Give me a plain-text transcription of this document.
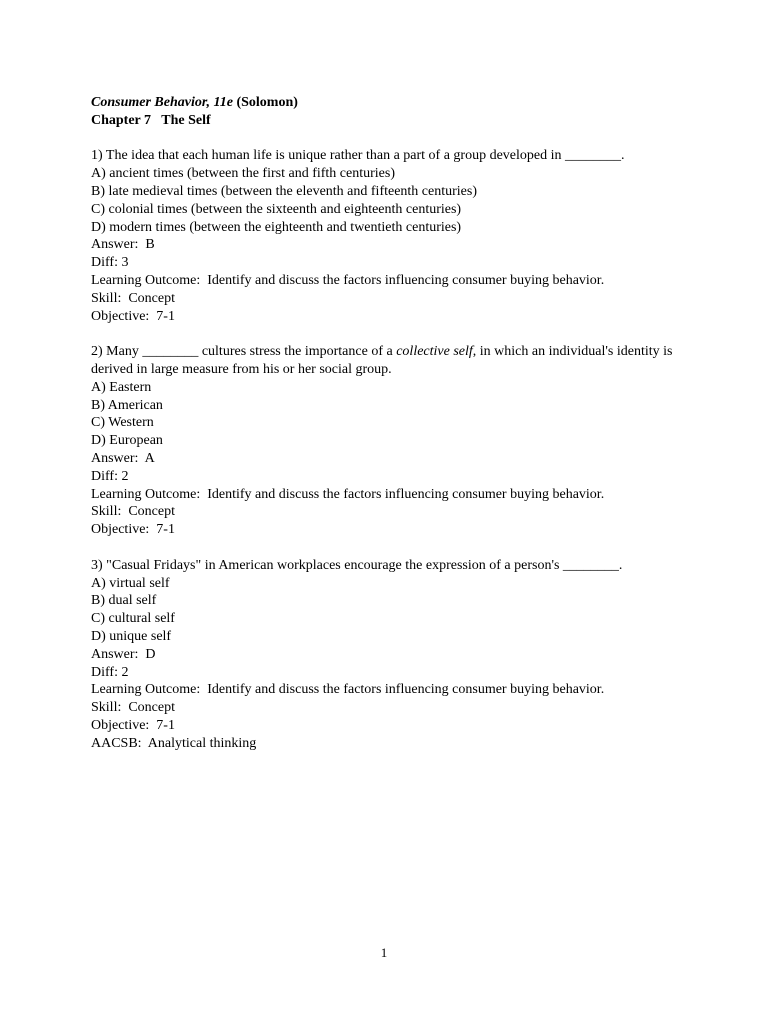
Consumer Behavior, 11e (Solomon)
Chapter 7   The Self
1) The idea that each human life is unique rather than a part of a group developed in ________.
A) ancient times (between the first and fifth centuries)
B) late medieval times (between the eleventh and fifteenth centuries)
C) colonial times (between the sixteenth and eighteenth centuries)
D) modern times (between the eighteenth and twentieth centuries)
Answer:  B
Diff: 3
Learning Outcome:  Identify and discuss the factors influencing consumer buying behavior.
Skill:  Concept
Objective:  7-1
2) Many ________ cultures stress the importance of a collective self, in which an individual's identity is derived in large measure from his or her social group.
A) Eastern
B) American
C) Western
D) European
Answer:  A
Diff: 2
Learning Outcome:  Identify and discuss the factors influencing consumer buying behavior.
Skill:  Concept
Objective:  7-1
3) "Casual Fridays" in American workplaces encourage the expression of a person's ________.
A) virtual self
B) dual self
C) cultural self
D) unique self
Answer:  D
Diff: 2
Learning Outcome:  Identify and discuss the factors influencing consumer buying behavior.
Skill:  Concept
Objective:  7-1
AACSB:  Analytical thinking
1
